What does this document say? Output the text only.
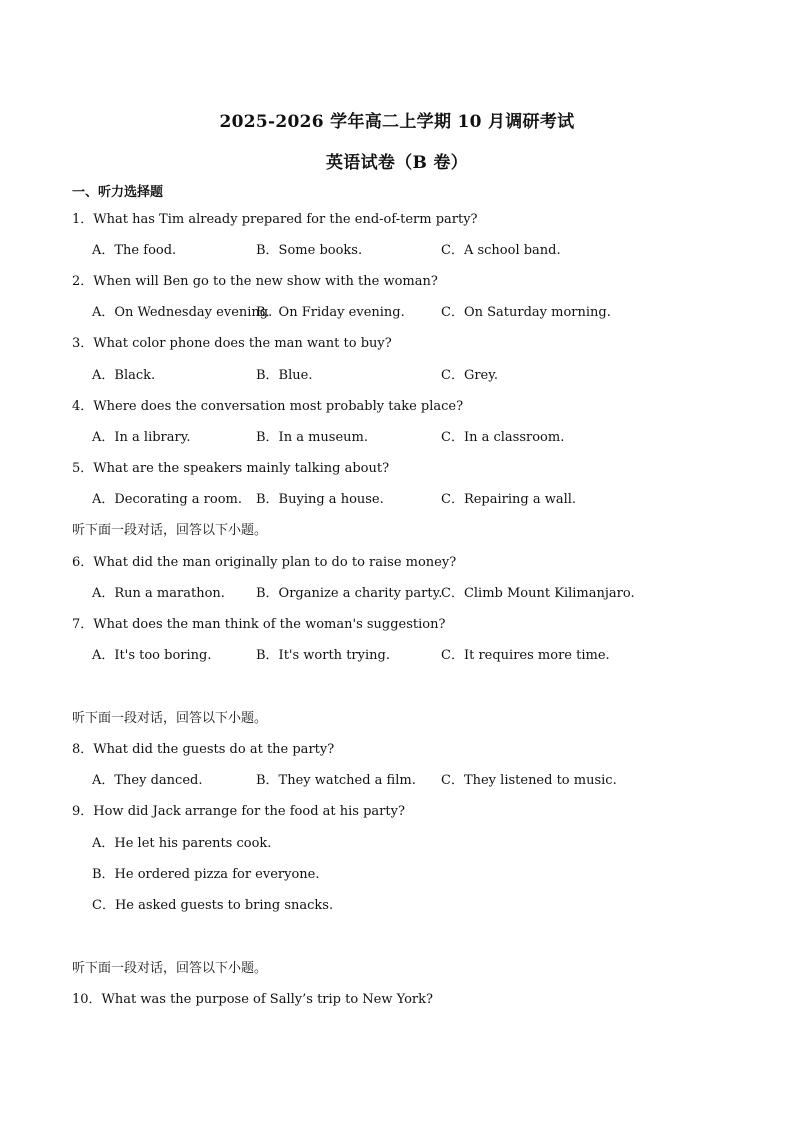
2025-2026 学年高二上学期 10 月调研考试
英语试卷（B 卷）
一、听力选择题
1．What has Tim already prepared for the end-of-term party?
A．The food.	B．Some books.	C．A school band.
2．When will Ben go to the new show with the woman?
A．On Wednesday evening.
B．On Friday evening.	C．On Saturday morning.
3．What color phone does the man want to buy?
A．Black.	B．Blue.	C．Grey.
4．Where does the conversation most probably take place?
A．In a library.	B．In a museum.	C．In a classroom.
5．What are the speakers mainly talking about?
A．Decorating a room. B．Buying a house.	C．Repairing a wall.
听下面一段对话，回答以下小题。
6．What did the man originally plan to do to raise money?
A．Run a marathon. B．Organize a charity party.
C．Climb Mount Kilimanjaro.
7．What does the man think of the woman's suggestion?
A．It's too boring.	B．It's worth trying.	C．It requires more time.
听下面一段对话，回答以下小题。
8．What did the guests do at the party?
A．They danced.	B．They watched a film. C．They listened to music.
9．How did Jack arrange for the food at his party?
A．He let his parents cook.
B．He ordered pizza for everyone.
C．He asked guests to bring snacks.
听下面一段对话，回答以下小题。
10．What was the purpose of Sally’s trip to New York?
